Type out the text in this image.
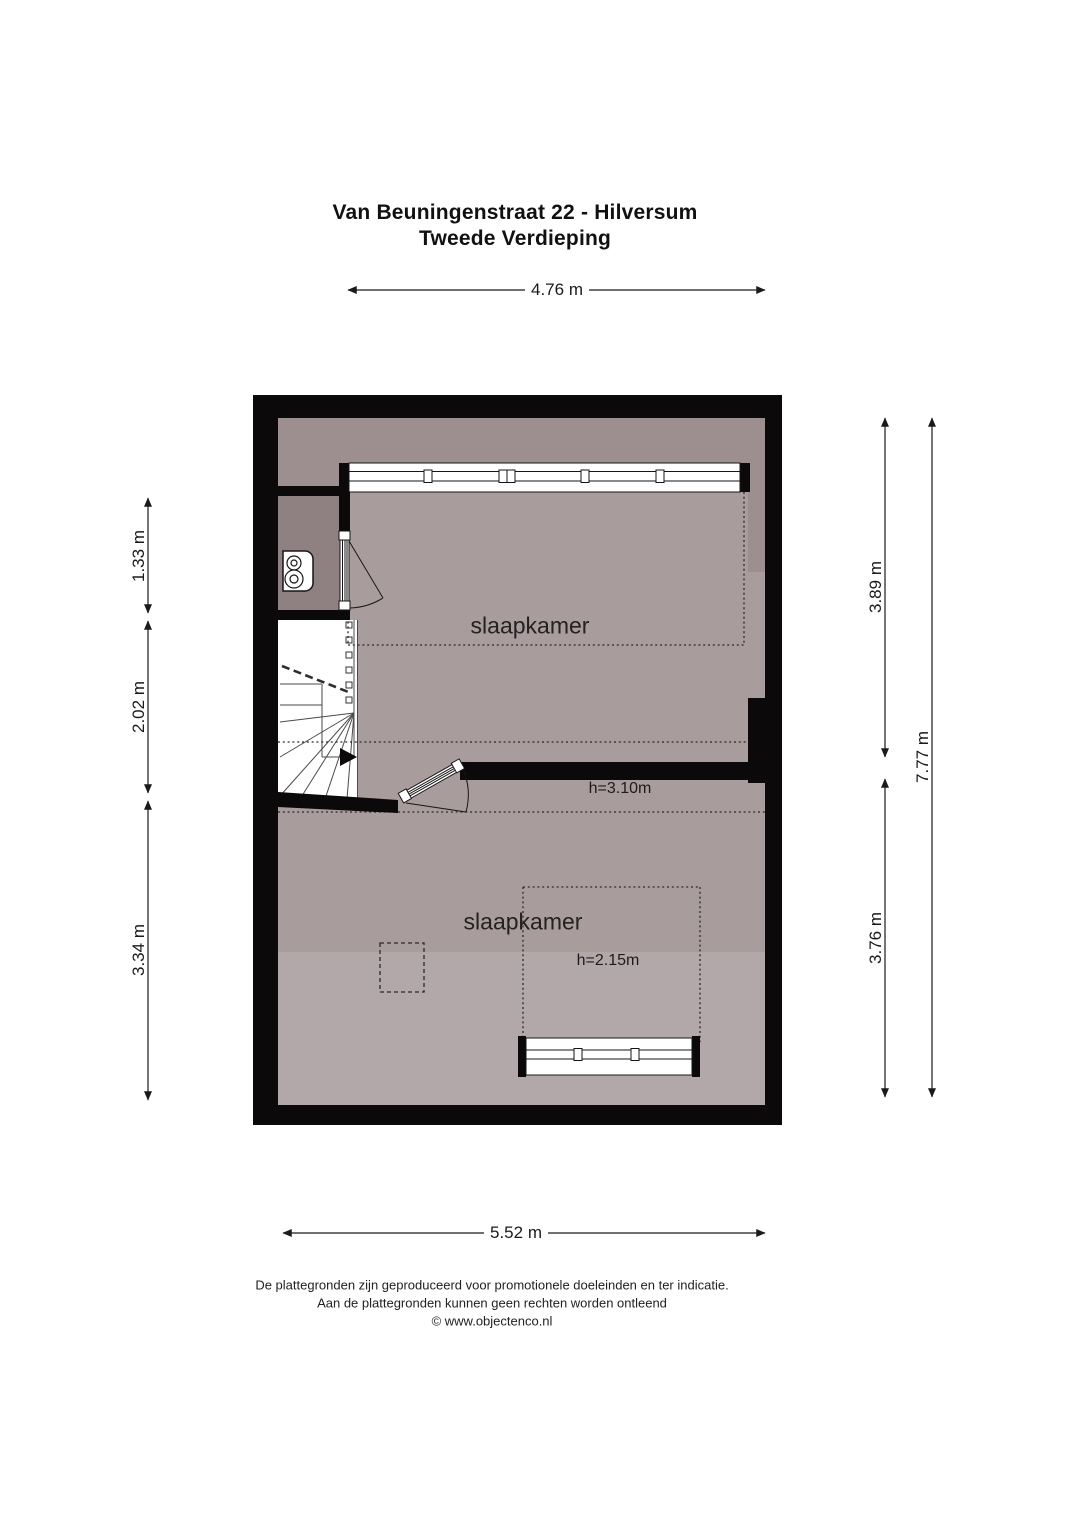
Van Beuningenstraat 22 - Hilversum
Tweede Verdieping
4.76 m
5.52 m
1.33 m
2.02 m
3.34 m
3.89 m
3.76 m
7.77 m
slaapkamer
h=3.10m
slaapkamer
h=2.15m
De plattegronden zijn geproduceerd voor promotionele doeleinden en ter indicatie.
Aan de plattegronden kunnen geen rechten worden ontleend
© www.objectenco.nl
